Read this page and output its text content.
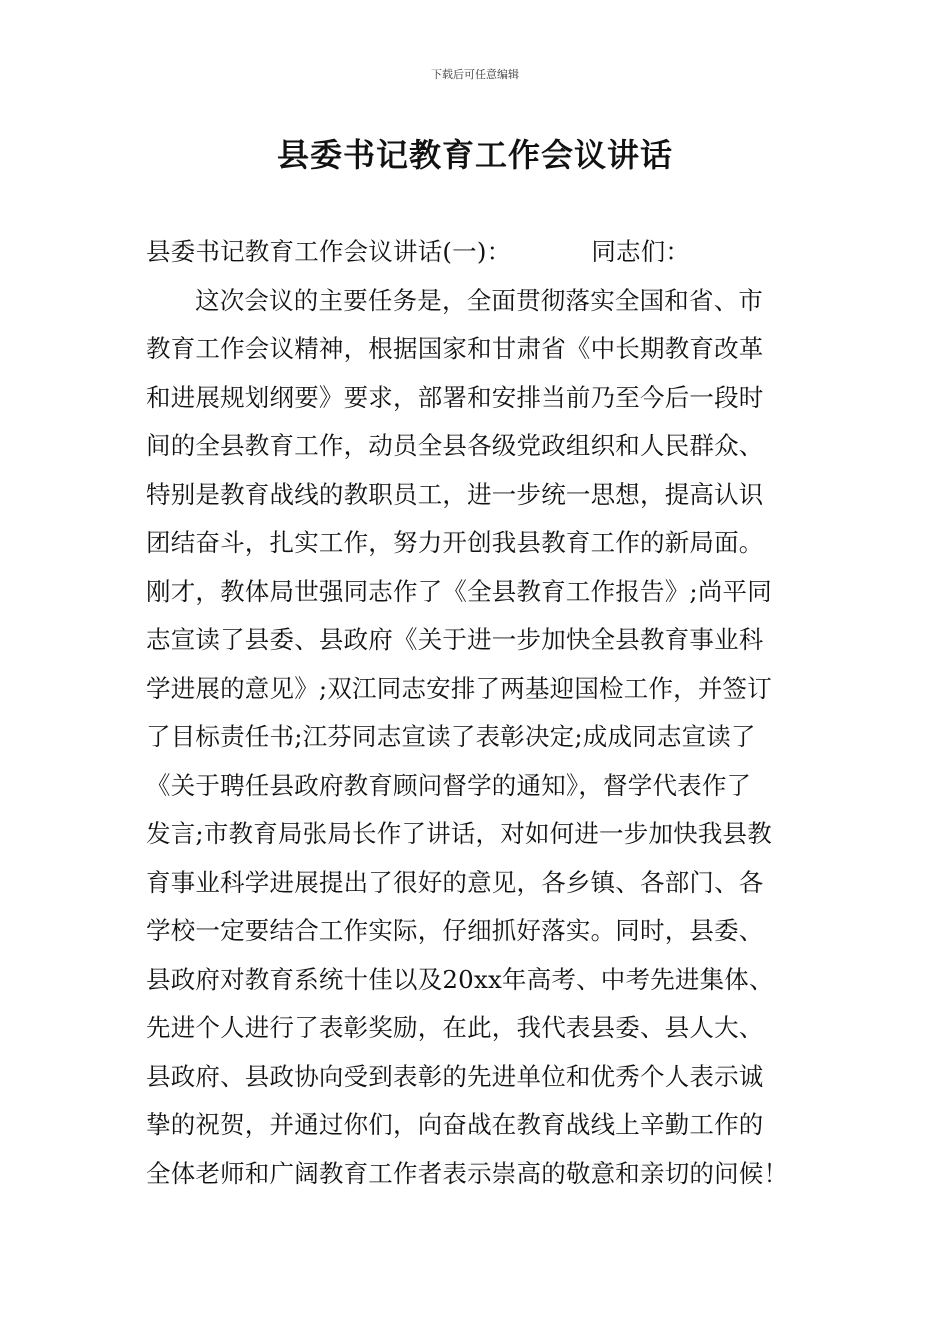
下载后可任意编辑
县委书记教育工作会议讲话
县委书记教育工作会议讲话(一)：	同志们：
这次会议的主要任务是，全面贯彻落实全国和省、市
教育工作会议精神，根据国家和甘肃省《中长期教育改革
和进展规划纲要》要求，部署和安排当前乃至今后一段时
间的全县教育工作，动员全县各级党政组织和人民群众、
特别是教育战线的教职员工，进一步统一思想，提高认识
团结奋斗，扎实工作，努力开创我县教育工作的新局面。
刚才，教体局世强同志作了《全县教育工作报告》;尚平同
志宣读了县委、县政府《关于进一步加快全县教育事业科
学进展的意见》;双江同志安排了两基迎国检工作，并签订
了目标责任书;江芬同志宣读了表彰决定;成成同志宣读了
《关于聘任县政府教育顾问督学的通知》，督学代表作了
发言;市教育局张局长作了讲话，对如何进一步加快我县教
育事业科学进展提出了很好的意见，各乡镇、各部门、各
学校一定要结合工作实际，仔细抓好落实。同时，县委、
县政府对教育系统十佳以及20xx年高考、中考先进集体、
先进个人进行了表彰奖励，在此，我代表县委、县人大、
县政府、县政协向受到表彰的先进单位和优秀个人表示诚
挚的祝贺，并通过你们，向奋战在教育战线上辛勤工作的
全体老师和广阔教育工作者表示崇高的敬意和亲切的问候！
